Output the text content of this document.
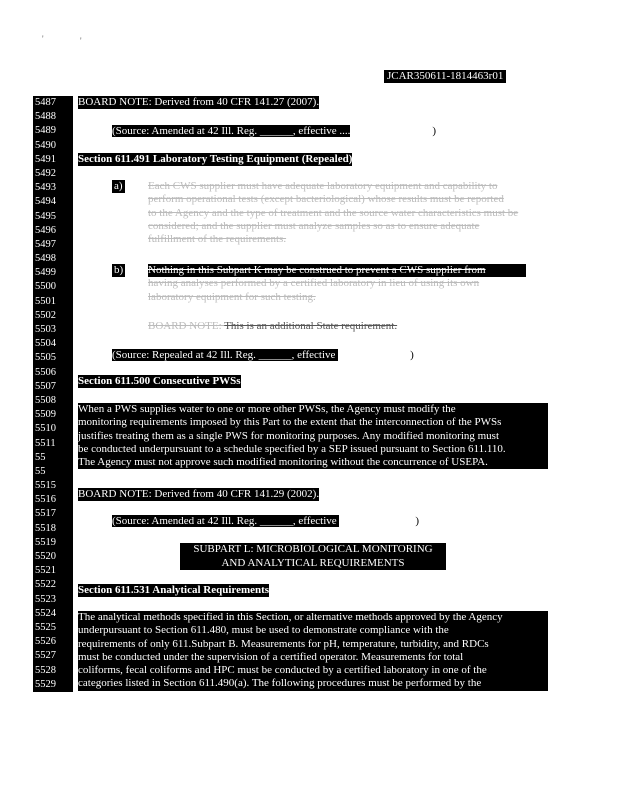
'	'
JCAR350611-1814463r01
5487
5488
5489
5490
5491
5492
5493
5494
5495
5496
5497
5498
5499
5500
5501
5502
5503
5504
5505
5506
5507
5508
5509
5510
5511
55
55
5515
5516
5517
5518
5519
5520
5521
5522
5523
5524
5525
5526
5527
5528
5529
BOARD NOTE: Derived from 40 CFR 141.27 (2007).
(Source: Amended at 42 Ill. Reg. ______, effective ....	)
Section 611.491 Laboratory Testing Equipment (Repealed)
a) Each CWS supplier must have adequate laboratory equipment and capability to
perform operational tests (except bacteriological) whose results must be reported
to the Agency and the type of treatment and the source water characteristics must be
considered; and the supplier must analyze samples so as to ensure adequate
fulfillment of the requirements.
b) Nothing in this Subpart K may be construed to prevent a CWS supplier from
having analyses performed by a certified laboratory in lieu of using its own
laboratory equipment for such testing.
BOARD NOTE: This is an additional State requirement.
(Source: Repealed at 42 Ill. Reg. ______, effective	)
Section 611.500 Consecutive PWSs
When a PWS supplies water to one or more other PWSs, the Agency must modify the
monitoring requirements imposed by this Part to the extent that the interconnection of the PWSs
justifies treating them as a single PWS for monitoring purposes. Any modified monitoring must
be conducted underpursuant to a schedule specified by a SEP issued pursuant to Section 611.110.
The Agency must not approve such modified monitoring without the concurrence of USEPA.
BOARD NOTE: Derived from 40 CFR 141.29 (2002).
(Source: Amended at 42 Ill. Reg. ______, effective	)
SUBPART L: MICROBIOLOGICAL MONITORING
AND ANALYTICAL REQUIREMENTS
Section 611.531 Analytical Requirements
The analytical methods specified in this Section, or alternative methods approved by the Agency
underpursuant to Section 611.480, must be used to demonstrate compliance with the
requirements of only 611.Subpart B. Measurements for pH, temperature, turbidity, and RDCs
must be conducted under the supervision of a certified operator. Measurements for total
coliforms, fecal coliforms and HPC must be conducted by a certified laboratory in one of the
categories listed in Section 611.490(a). The following procedures must be performed by the
